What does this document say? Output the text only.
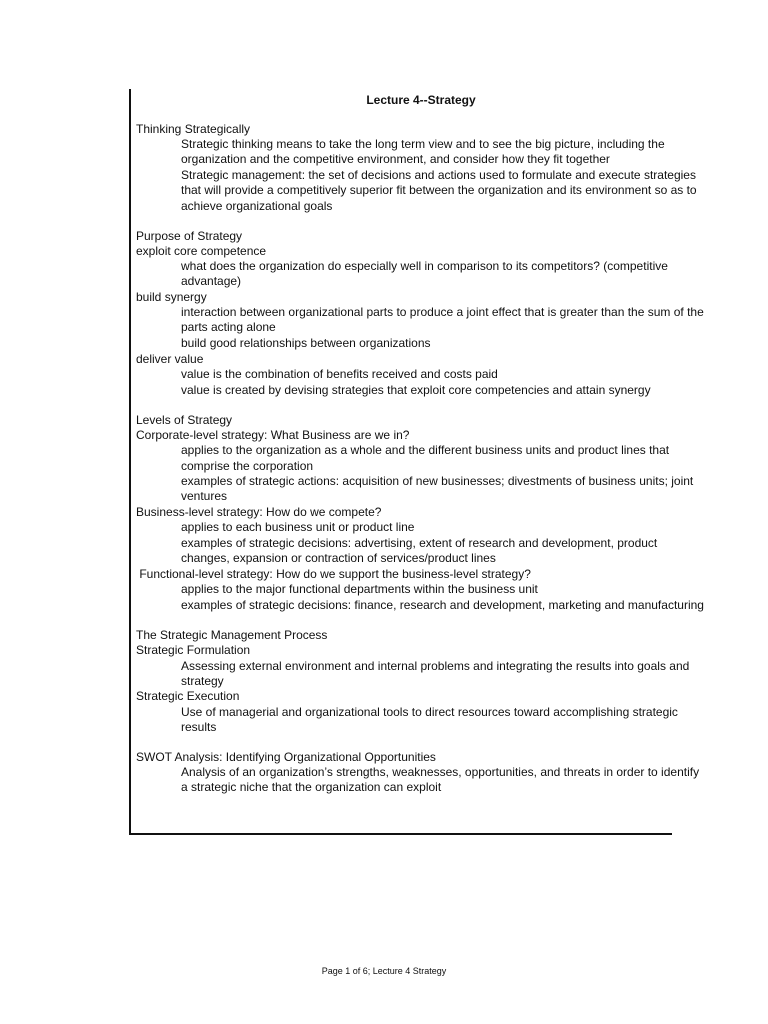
Lecture 4--Strategy

Thinking Strategically

Strategic thinking means to take the long term view and to see the big picture, including the organization and the competitive environment, and consider how they fit together

Strategic management: the set of decisions and actions used to formulate and execute strategies that will provide a competitively superior fit between the organization and its environment so as to achieve organizational goals

Purpose of Strategy

exploit core competence

what does the organization do especially well in comparison to its competitors? (competitive advantage)

build synergy

interaction between organizational parts to produce a joint effect that is greater than the sum of the parts acting alone

build good relationships between organizations

deliver value

value is the combination of benefits received and costs paid

value is created by devising strategies that exploit core competencies and attain synergy

Levels of Strategy

Corporate-level strategy: What Business are we in?

applies to the organization as a whole and the different business units and product lines that comprise the corporation

examples of strategic actions: acquisition of new businesses; divestments of business units; joint ventures

Business-level strategy: How do we compete?

applies to each business unit or product line

examples of strategic decisions: advertising, extent of research and development, product changes, expansion or contraction of services/product lines

Functional-level strategy: How do we support the business-level strategy?

applies to the major functional departments within the business unit

examples of strategic decisions: finance, research and development, marketing and manufacturing

The Strategic Management Process

Strategic Formulation

Assessing external environment and internal problems and integrating the results into goals and strategy

Strategic Execution

Use of managerial and organizational tools to direct resources toward accomplishing strategic results

SWOT Analysis: Identifying Organizational Opportunities

Analysis of an organization’s strengths, weaknesses, opportunities, and threats in order to identify a strategic niche that the organization can exploit

Page 1 of 6; Lecture 4 Strategy
